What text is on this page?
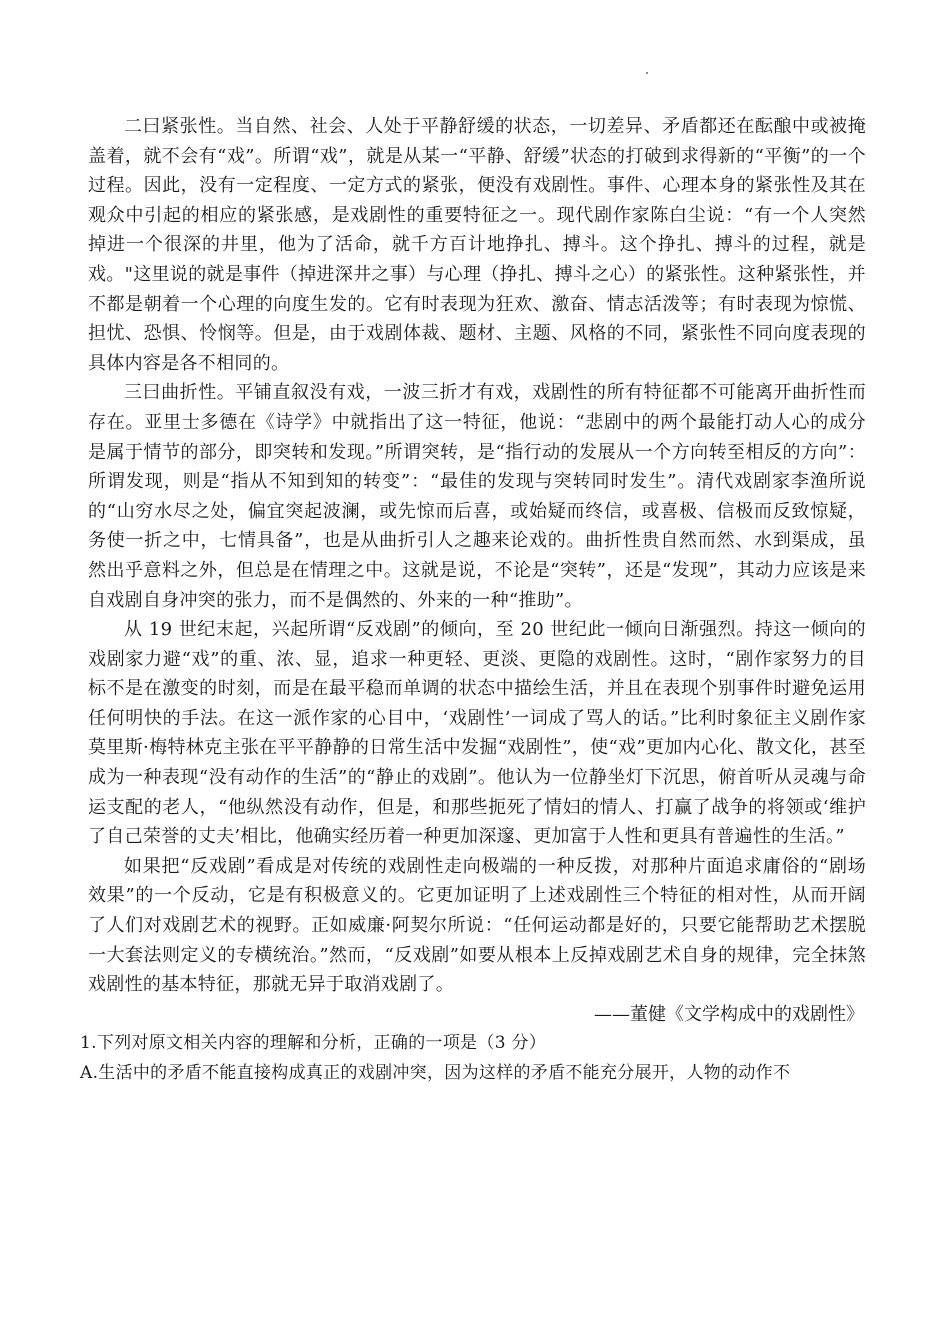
二曰紧张性。当自然、社会、人处于平静舒缓的状态，一切差异、矛盾都还在酝酿中或被掩盖着，就不会有“戏”。所谓“戏”，就是从某一“平静、舒缓”状态的打破到求得新的“平衡”的一个过程。因此，没有一定程度、一定方式的紧张，便没有戏剧性。事件、心理本身的紧张性及其在观众中引起的相应的紧张感，是戏剧性的重要特征之一。现代剧作家陈白尘说：“有一个人突然掉进一个很深的井里，他为了活命，就千方百计地挣扎、搏斗。这个挣扎、搏斗的过程，就是戏。"这里说的就是事件（掉进深井之事）与心理（挣扎、搏斗之心）的紧张性。这种紧张性，并不都是朝着一个心理的向度生发的。它有时表现为狂欢、激奋、情志活泼等；有时表现为惊慌、担忧、恐惧、怜悯等。但是，由于戏剧体裁、题材、主题、风格的不同，紧张性不同向度表现的具体内容是各不相同的。

三曰曲折性。平铺直叙没有戏，一波三折才有戏，戏剧性的所有特征都不可能离开曲折性而存在。亚里士多德在《诗学》中就指出了这一特征，他说：“悲剧中的两个最能打动人心的成分是属于情节的部分，即突转和发现。”所谓突转，是“指行动的发展从一个方向转至相反的方向”：所谓发现，则是“指从不知到知的转变”：“最佳的发现与突转同时发生”。清代戏剧家李渔所说的“山穷水尽之处，偏宜突起波澜，或先惊而后喜，或始疑而终信，或喜极、信极而反致惊疑，务使一折之中，七情具备”，也是从曲折引人之趣来论戏的。曲折性贵自然而然、水到渠成，虽然出乎意料之外，但总是在情理之中。这就是说，不论是“突转”，还是“发现”，其动力应该是来自戏剧自身冲突的张力，而不是偶然的、外来的一种“推助”。

从 19 世纪末起，兴起所谓“反戏剧”的倾向，至 20 世纪此一倾向日渐强烈。持这一倾向的戏剧家力避“戏”的重、浓、显，追求一种更轻、更淡、更隐的戏剧性。这时，“剧作家努力的目标不是在激变的时刻，而是在最平稳而单调的状态中描绘生活，并且在表现个别事件时避免运用任何明快的手法。在这一派作家的心目中，‘戏剧性’一词成了骂人的话。”比利时象征主义剧作家莫里斯·梅特林克主张在平平静静的日常生活中发掘“戏剧性”，使“戏”更加内心化、散文化，甚至成为一种表现“没有动作的生活”的“静止的戏剧”。他认为一位静坐灯下沉思，俯首听从灵魂与命运支配的老人，“他纵然没有动作，但是，和那些扼死了情妇的情人、打赢了战争的将领或‘维护了自己荣誉的丈夫’相比，他确实经历着一种更加深邃、更加富于人性和更具有普遍性的生活。”

如果把“反戏剧”看成是对传统的戏剧性走向极端的一种反拨，对那种片面追求庸俗的“剧场效果”的一个反动，它是有积极意义的。它更加证明了上述戏剧性三个特征的相对性，从而开阔了人们对戏剧艺术的视野。正如威廉·阿契尔所说：“任何运动都是好的，只要它能帮助艺术摆脱一大套法则定义的专横统治。”然而，“反戏剧”如要从根本上反掉戏剧艺术自身的规律，完全抹煞戏剧性的基本特征，那就无异于取消戏剧了。

——董健《文学构成中的戏剧性》

1.下列对原文相关内容的理解和分析，正确的一项是（3 分）

A.生活中的矛盾不能直接构成真正的戏剧冲突，因为这样的矛盾不能充分展开，人物的动作不
